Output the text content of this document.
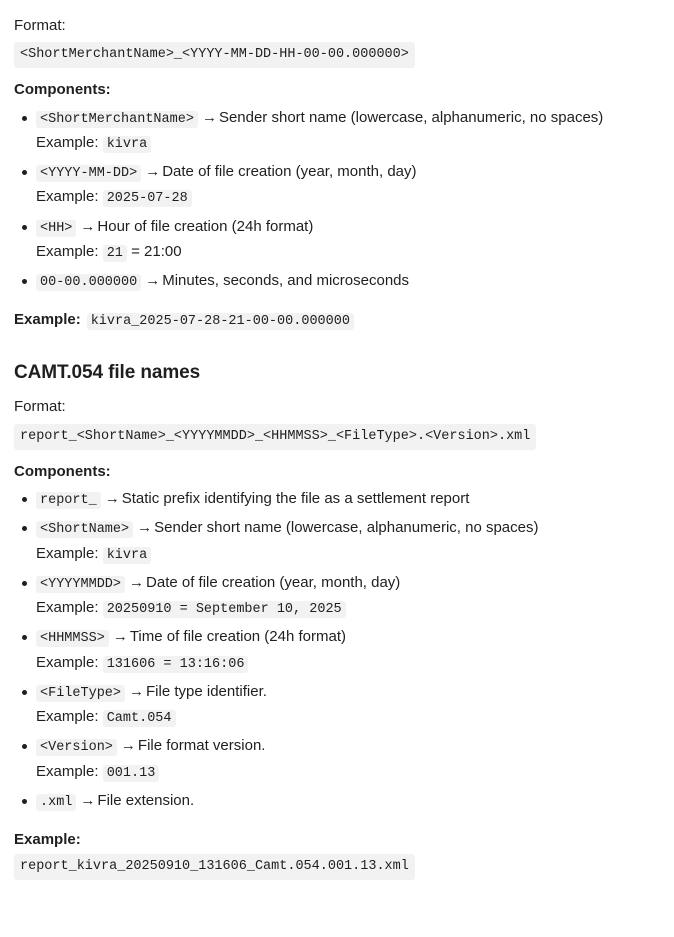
Format:
<ShortMerchantName>_<YYYY-MM-DD-HH-00-00.000000>
Components:
<ShortMerchantName> → Sender short name (lowercase, alphanumeric, no spaces)
Example: kivra
<YYYY-MM-DD> → Date of file creation (year, month, day)
Example: 2025-07-28
<HH> → Hour of file creation (24h format)
Example: 21 = 21:00
00-00.000000 → Minutes, seconds, and microseconds
Example: kivra_2025-07-28-21-00-00.000000
CAMT.054 file names
Format:
report_<ShortName>_<YYYYMMDD>_<HHMMSS>_<FileType>.<Version>.xml
Components:
report_ → Static prefix identifying the file as a settlement report
<ShortName> → Sender short name (lowercase, alphanumeric, no spaces)
Example: kivra
<YYYYMMDD> → Date of file creation (year, month, day)
Example: 20250910 = September 10, 2025
<HHMMSS> → Time of file creation (24h format)
Example: 131606 = 13:16:06
<FileType> → File type identifier.
Example: Camt.054
<Version> → File format version.
Example: 001.13
.xml → File extension.
Example:
report_kivra_20250910_131606_Camt.054.001.13.xml
